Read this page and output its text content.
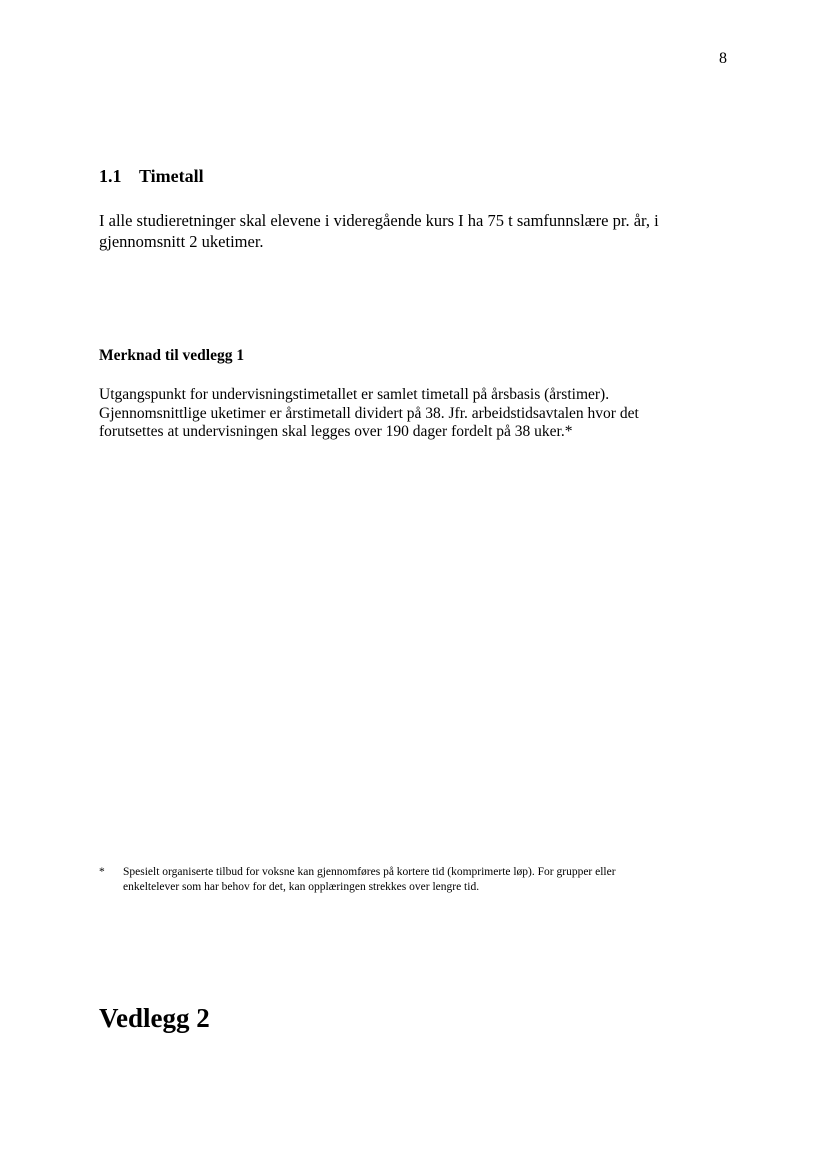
8
1.1 Timetall
I alle studieretninger skal elevene i videregående kurs I ha 75 t samfunnslære pr. år, i gjennomsnitt 2 uketimer.
Merknad til vedlegg 1
Utgangspunkt for undervisningstimetallet er samlet timetall på årsbasis (årstimer).
Gjennomsnittlige uketimer er årstimetall dividert på 38. Jfr. arbeidstidsavtalen hvor det
forutsettes at undervisningen skal legges over 190 dager fordelt på 38 uker.*
* Spesielt organiserte tilbud for voksne kan gjennomføres på kortere tid (komprimerte løp). For grupper eller
enkeltelever som har behov for det, kan opplæringen strekkes over lengre tid.
Vedlegg 2
